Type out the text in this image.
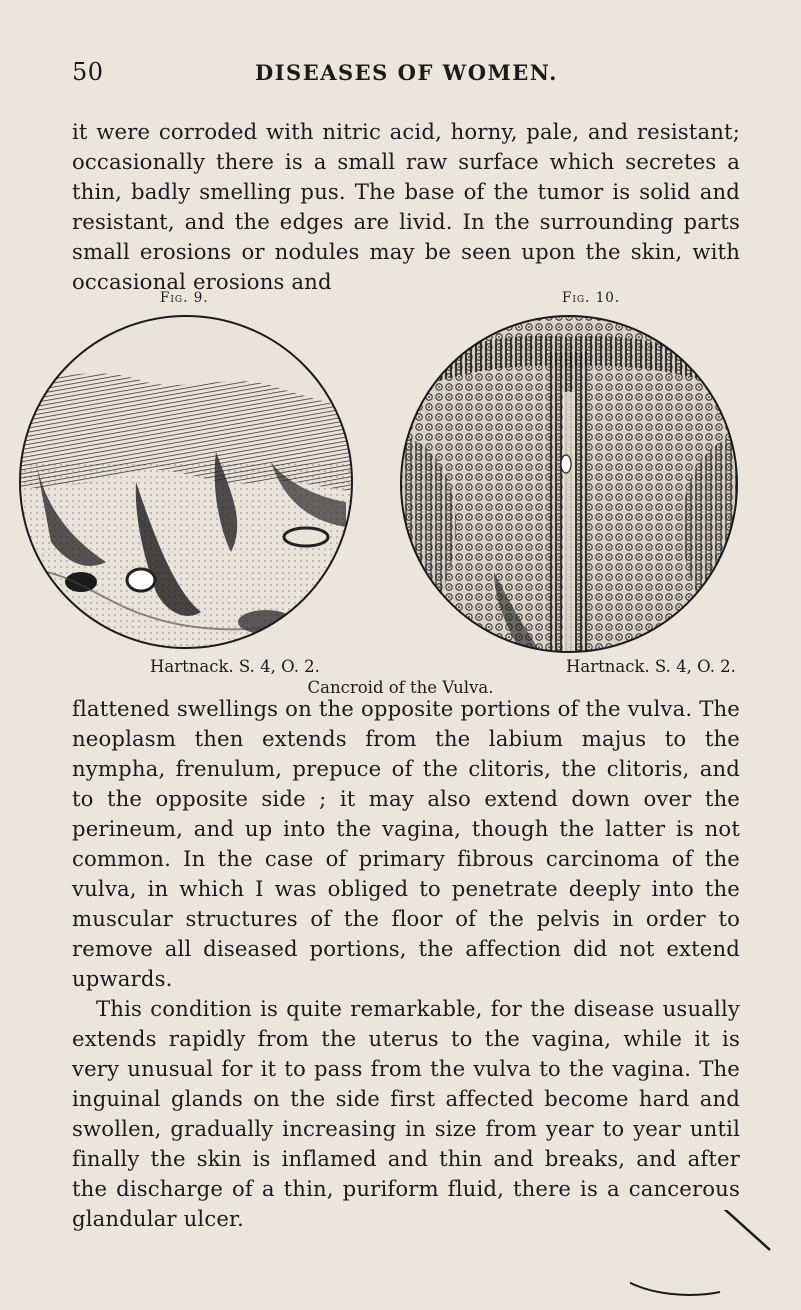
50	DISEASES OF WOMEN.

it were corroded with nitric acid, horny, pale, and resistant; occasionally there is a small raw surface which secretes a thin, badly smelling pus. The base of the tumor is solid and resistant, and the edges are livid. In the surrounding parts small erosions or nodules may be seen upon the skin, with occasional erosions and

Fig. 9.	Fig. 10.
Hartnack. S. 4, O. 2.	Hartnack. S. 4, O. 2.
Cancroid of the Vulva.

flattened swellings on the opposite portions of the vulva. The neoplasm then extends from the labium majus to the nympha, frenulum, prepuce of the clitoris, the clitoris, and to the opposite side ; it may also extend down over the perineum, and up into the vagina, though the latter is not common. In the case of primary fibrous carcinoma of the vulva, in which I was obliged to penetrate deeply into the muscular structures of the floor of the pelvis in order to remove all diseased portions, the affection did not extend upwards.

This condition is quite remarkable, for the disease usually extends rapidly from the uterus to the vagina, while it is very unusual for it to pass from the vulva to the vagina. The inguinal glands on the side first affected become hard and swollen, gradually increasing in size from year to year until finally the skin is inflamed and thin and breaks, and after the discharge of a thin, puriform fluid, there is a cancerous glandular ulcer.
